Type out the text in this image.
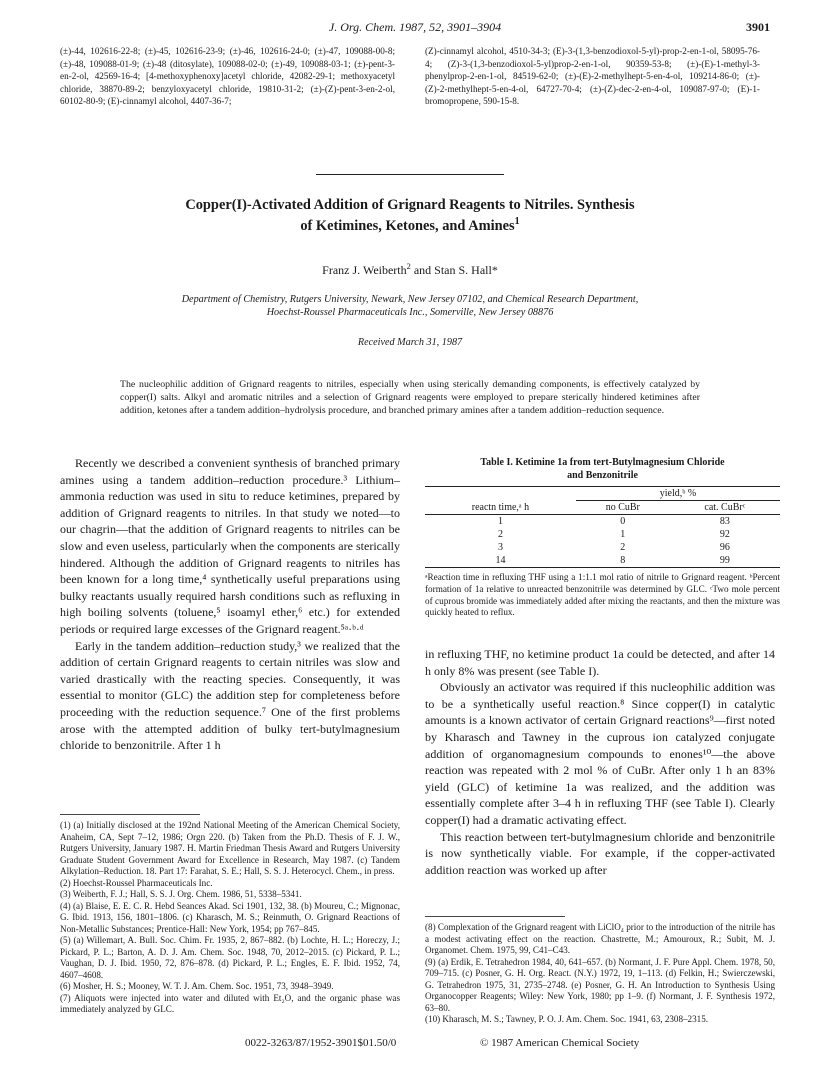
J. Org. Chem. 1987, 52, 3901–3904	3901
(±)-44, 102616-22-8; (±)-45, 102616-23-9; (±)-46, 102616-24-0; (±)-47, 109088-00-8; (±)-48, 109088-01-9; (±)-48 (ditosylate), 109088-02-0; (±)-49, 109088-03-1; (±)-pent-3-en-2-ol, 42569-16-4; [4-methoxyphenoxy]acetyl chloride, 42082-29-1; methoxyacetyl chloride, 38870-89-2; benzyloxyacetyl chloride, 19810-31-2; (±)-(Z)-pent-3-en-2-ol, 60102-80-9; (E)-cinnamyl alcohol, 4407-36-7;
(Z)-cinnamyl alcohol, 4510-34-3; (E)-3-(1,3-benzodioxol-5-yl)-prop-2-en-1-ol, 58095-76-4; (Z)-3-(1,3-benzodioxol-5-yl)prop-2-en-1-ol, 90359-53-8; (±)-(E)-1-methyl-3-phenylprop-2-en-1-ol, 84519-62-0; (±)-(E)-2-methylhept-5-en-4-ol, 109214-86-0; (±)-(Z)-2-methylhept-5-en-4-ol, 64727-70-4; (±)-(Z)-dec-2-en-4-ol, 109087-97-0; (E)-1-bromopropene, 590-15-8.
Copper(I)-Activated Addition of Grignard Reagents to Nitriles. Synthesis
of Ketimines, Ketones, and Amines$^1$
Franz J. Weiberth$^2$ and Stan S. Hall*
Department of Chemistry, Rutgers University, Newark, New Jersey 07102, and Chemical Research Department,
Hoechst-Roussel Pharmaceuticals Inc., Somerville, New Jersey 08876
Received March 31, 1987
The nucleophilic addition of Grignard reagents to nitriles, especially when using sterically demanding components, is effectively catalyzed by copper(I) salts. Alkyl and aromatic nitriles and a selection of Grignard reagents were employed to prepare sterically hindered ketimines after addition, ketones after a tandem addition–hydrolysis procedure, and branched primary amines after a tandem addition–reduction sequence.

Recently we described a convenient synthesis of branched primary amines using a tandem addition–reduction procedure.³ Lithium–ammonia reduction was used in situ to reduce ketimines, prepared by addition of Grignard reagents to nitriles. In that study we noted—to our chagrin—that the addition of Grignard reagents to nitriles can be slow and even useless, particularly when the components are sterically hindered. Although the addition of Grignard reagents to nitriles has been known for a long time,⁴ synthetically useful preparations using bulky reactants usually required harsh conditions such as refluxing in high boiling solvents (toluene,⁵ isoamyl ether,⁶ etc.) for extended periods or required large excesses of the Grignard reagent.⁵ᵃ·ᵇ·ᵈ

Early in the tandem addition–reduction study,³ we realized that the addition of certain Grignard reagents to certain nitriles was slow and varied drastically with the reacting species. Consequently, it was essential to monitor (GLC) the addition step for completeness before proceeding with the reduction sequence.⁷ One of the first problems arose with the attempted addition of bulky tert-butylmagnesium chloride to benzonitrile. After 1 h

(1) (a) Initially disclosed at the 192nd National Meeting of the American Chemical Society, Anaheim, CA, Sept 7–12, 1986; Orgn 220. (b) Taken from the Ph.D. Thesis of F. J. W., Rutgers University, January 1987. H. Martin Friedman Thesis Award and Rutgers University Graduate Student Government Award for Excellence in Research, May 1987. (c) Tandem Alkylation–Reduction. 18. Part 17: Farahat, S. E.; Hall, S. S. J. Heterocycl. Chem., in press.

(2) Hoechst-Roussel Pharmaceuticals Inc.

(3) Weiberth, F. J.; Hall, S. S. J. Org. Chem. 1986, 51, 5338–5341.

(4) (a) Blaise, E. E. C. R. Hebd Seances Akad. Sci 1901, 132, 38. (b) Moureu, C.; Mignonac, G. Ibid. 1913, 156, 1801–1806. (c) Kharasch, M. S.; Reinmuth, O. Grignard Reactions of Non-Metallic Substances; Prentice-Hall: New York, 1954; pp 767–845.

(5) (a) Willemart, A. Bull. Soc. Chim. Fr. 1935, 2, 867–882. (b) Lochte, H. L.; Horeczy, J.; Pickard, P. L.; Barton, A. D. J. Am. Chem. Soc. 1948, 70, 2012–2015. (c) Pickard, P. L.; Vaughan, D. J. Ibid. 1950, 72, 876–878. (d) Pickard, P. L.; Engles, E. F. Ibid. 1952, 74, 4607–4608.

(6) Mosher, H. S.; Mooney, W. T. J. Am. Chem. Soc. 1951, 73, 3948–3949.

(7) Aliquots were injected into water and diluted with Et₂O, and the organic phase was immediately analyzed by GLC.

Table I. Ketimine 1a from tert-Butylmagnesium Chloride
and Benzonitrile
	yield,ᵇ %	
reactn time,ᵃ h	no CuBr	cat. CuBrᶜ
1	0	83
2	1	92
3	2	96
14	8	99
ᵃReaction time in refluxing THF using a 1:1.1 mol ratio of nitrile to Grignard reagent. ᵇPercent formation of 1a relative to unreacted benzonitrile was determined by GLC. ᶜTwo mole percent of cuprous bromide was immediately added after mixing the reactants, and then the mixture was quickly heated to reflux.

in refluxing THF, no ketimine product 1a could be detected, and after 14 h only 8% was present (see Table I).

Obviously an activator was required if this nucleophilic addition was to be a synthetically useful reaction.⁸ Since copper(I) in catalytic amounts is a known activator of certain Grignard reactions⁹—first noted by Kharasch and Tawney in the cuprous ion catalyzed conjugate addition of organomagnesium compounds to enones¹⁰—the above reaction was repeated with 2 mol % of CuBr. After only 1 h an 83% yield (GLC) of ketimine 1a was realized, and the addition was essentially complete after 3–4 h in refluxing THF (see Table I). Clearly copper(I) had a dramatic activating effect.

This reaction between tert-butylmagnesium chloride and benzonitrile is now synthetically viable. For example, if the copper-activated addition reaction was worked up after

(8) Complexation of the Grignard reagent with LiClO₄ prior to the introduction of the nitrile has a modest activating effect on the reaction. Chastrette, M.; Amouroux, R.; Subit, M. J. Organomet. Chem. 1975, 99, C41–C43.

(9) (a) Erdik, E. Tetrahedron 1984, 40, 641–657. (b) Normant, J. F. Pure Appl. Chem. 1978, 50, 709–715. (c) Posner, G. H. Org. React. (N.Y.) 1972, 19, 1–113. (d) Felkin, H.; Swierczewski, G. Tetrahedron 1975, 31, 2735–2748. (e) Posner, G. H. An Introduction to Synthesis Using Organocopper Reagents; Wiley: New York, 1980; pp 1–9. (f) Normant, J. F. Synthesis 1972, 63–80.

(10) Kharasch, M. S.; Tawney, P. O. J. Am. Chem. Soc. 1941, 63, 2308–2315.

0022-3263/87/1952-3901$01.50/0	© 1987 American Chemical Society
